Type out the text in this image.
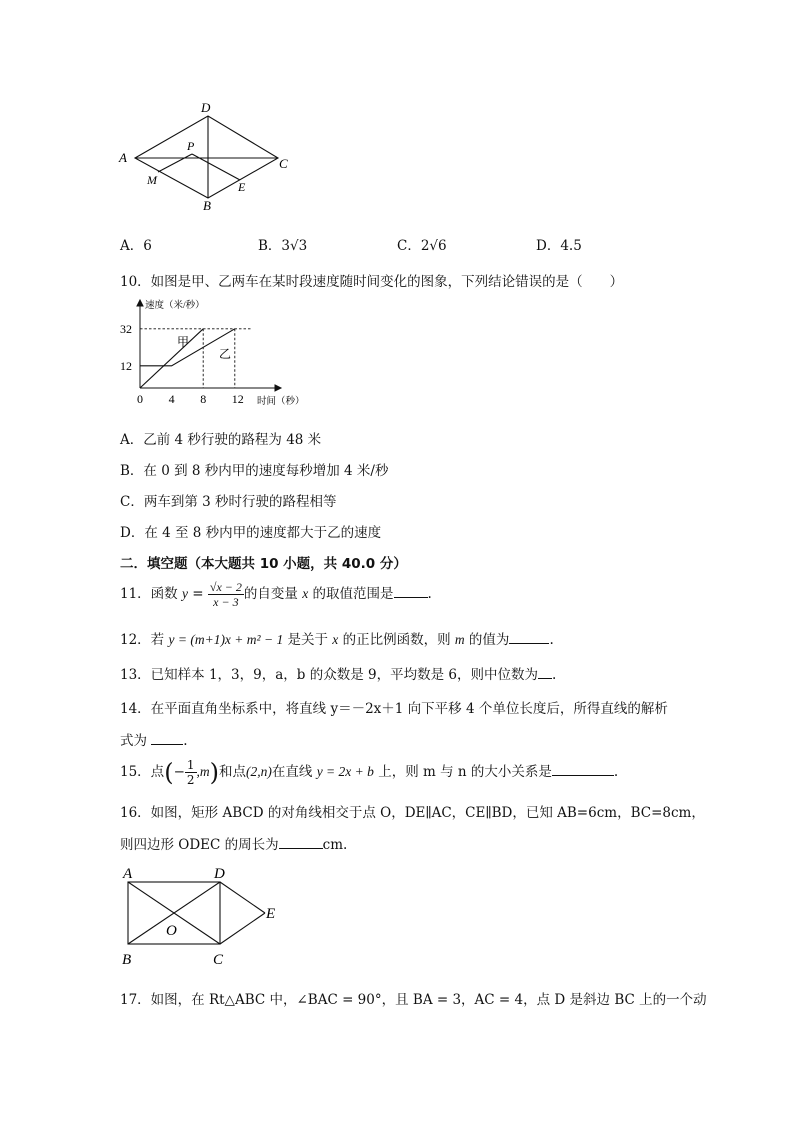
D
A	C
P
M	E
B
A．6	B．3√3	C．2√6	D．4.5
10．如图是甲、乙两车在某时段速度随时间变化的图象，下列结论错误的是（　　）
0 4 8 12
12
32
速度（米/秒）
时间（秒）
甲
乙
A．乙前 4 秒行驶的路程为 48 米
B．在 0 到 8 秒内甲的速度每秒增加 4 米/秒
C．两车到第 3 秒时行驶的路程相等
D．在 4 至 8 秒内甲的速度都大于乙的速度
二．填空题（本大题共 10 小题，共 40.0 分）
11．函数 $y = \frac{√x - 2}{x - 3}$ 的自变量 x 的取值范围是	.
12．若 y = (m+1)x + m² − 1 是关于 x 的正比例函数，则 m 的值为	.
13．已知样本 1，3，9，a，b 的众数是 9，平均数是 6，则中位数为 .
14．在平面直角坐标系中，将直线 y＝－2x＋1 向下平移 4 个单位长度后，所得直线的解析
式为 .
15．点(− $\frac{1}{2} ,m$)和点(2,n)在直线 y = 2x + b 上，则 m 与 n 的大小关系是	.
16．如图，矩形 ABCD 的对角线相交于点 O，DE∥AC，CE∥BD，已知 AB=6cm，BC=8cm，
则四边形 ODEC 的周长为	cm.
A	D
E
O
B	C
17．如图，在 Rt△ABC 中，∠BAC = 90°，且 BA = 3，AC = 4，点 D 是斜边 BC 上的一个动
